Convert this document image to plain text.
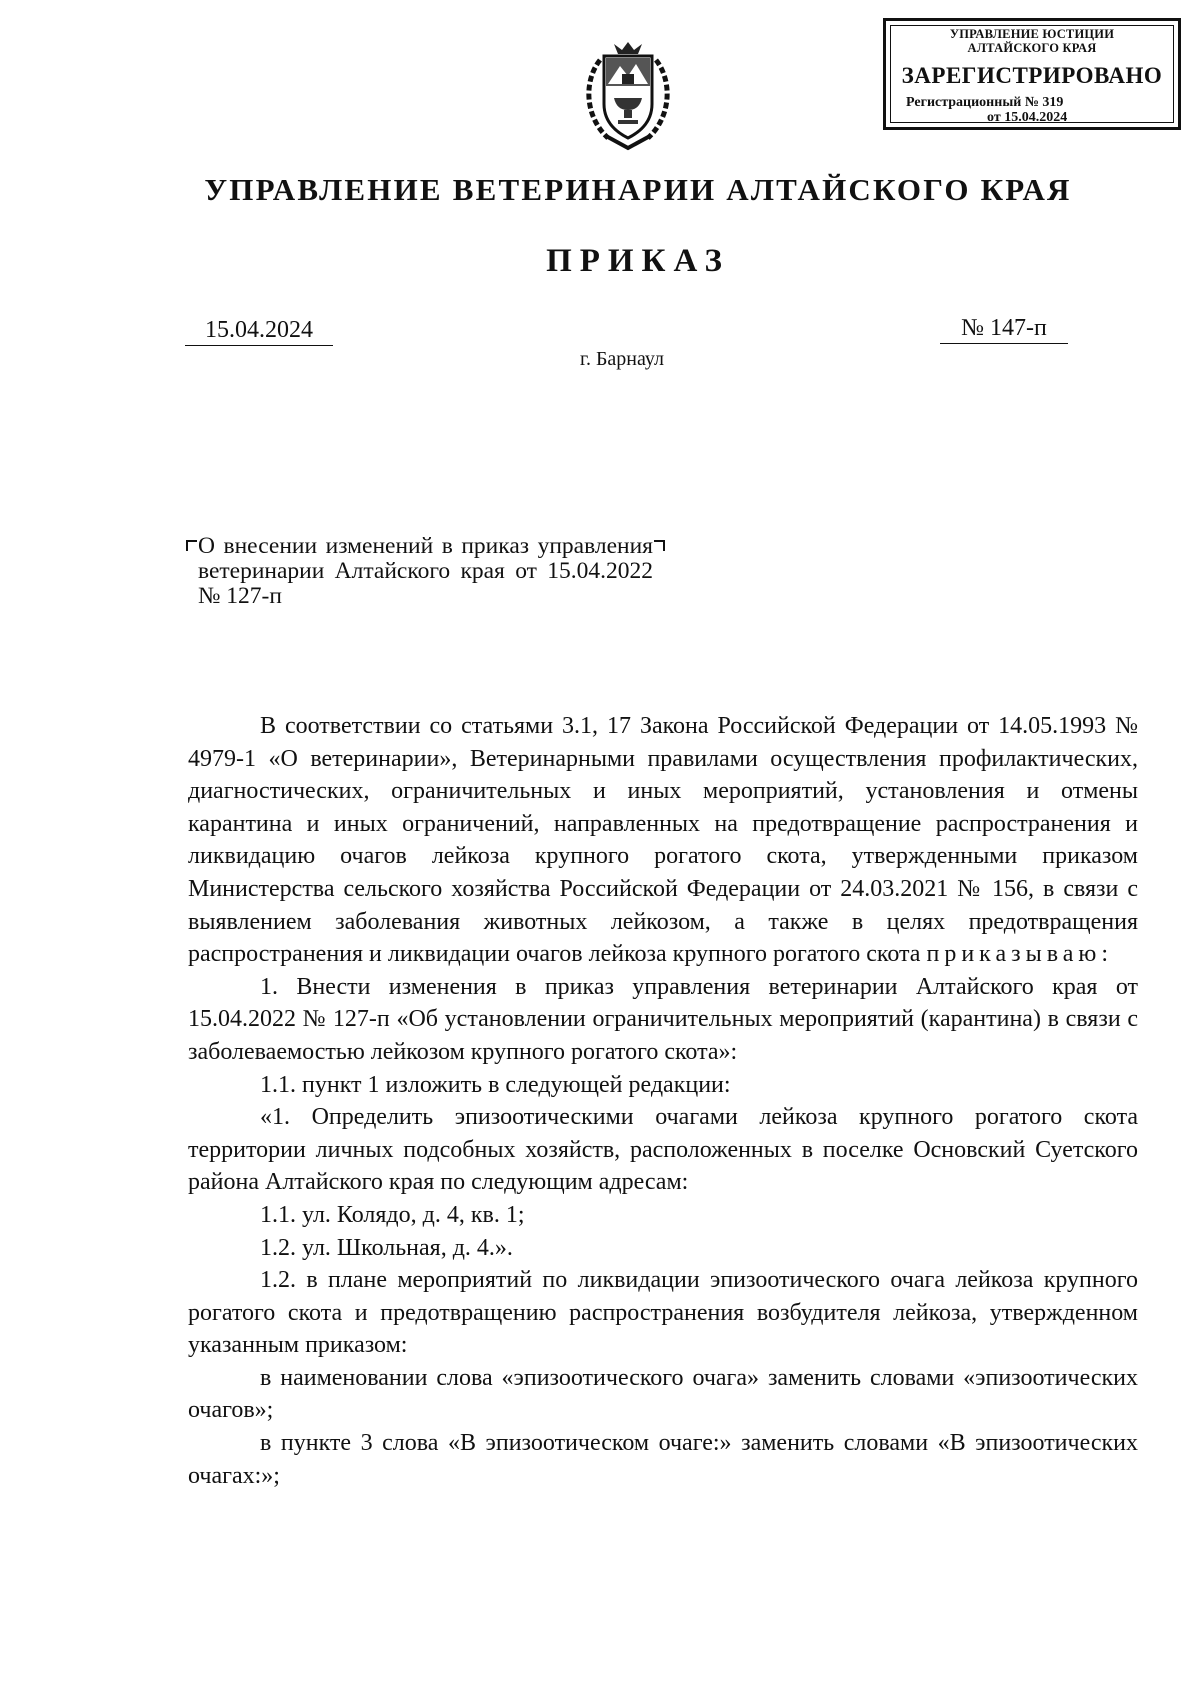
УПРАВЛЕНИЕ ЮСТИЦИИ
АЛТАЙСКОГО КРАЯ
ЗАРЕГИСТРИРОВАНО
Регистрационный № 319
от 15.04.2024
УПРАВЛЕНИЕ ВЕТЕРИНАРИИ АЛТАЙСКОГО КРАЯ
ПРИКАЗ
15.04.2024	№ 147-п
г. Барнаул
О внесении изменений в приказ управления ветеринарии Алтайского края от 15.04.2022 № 127-п

В соответствии со статьями 3.1, 17 Закона Российской Федерации от 14.05.1993 № 4979-1 «О ветеринарии», Ветеринарными правилами осуществления профилактических, диагностических, ограничительных и иных мероприятий, установления и отмены карантина и иных ограничений, направленных на предотвращение распространения и ликвидацию очагов лейкоза крупного рогатого скота, утвержденными приказом Министерства сельского хозяйства Российской Федерации от 24.03.2021 № 156, в связи с выявлением заболевания животных лейкозом, а также в целях предотвращения распространения и ликвидации очагов лейкоза крупного рогатого скота приказываю:

1. Внести изменения в приказ управления ветеринарии Алтайского края от 15.04.2022 № 127-п «Об установлении ограничительных мероприятий (карантина) в связи с заболеваемостью лейкозом крупного рогатого скота»:

1.1. пункт 1 изложить в следующей редакции:

«1. Определить эпизоотическими очагами лейкоза крупного рогатого скота территории личных подсобных хозяйств, расположенных в поселке Основский Суетского района Алтайского края по следующим адресам:

1.1. ул. Колядо, д. 4, кв. 1;

1.2. ул. Школьная, д. 4.».

1.2. в плане мероприятий по ликвидации эпизоотического очага лейкоза крупного рогатого скота и предотвращению распространения возбудителя лейкоза, утвержденном указанным приказом:

в наименовании слова «эпизоотического очага» заменить словами «эпизоотических очагов»;

в пункте 3 слова «В эпизоотическом очаге:» заменить словами «В эпизоотических очагах:»;
